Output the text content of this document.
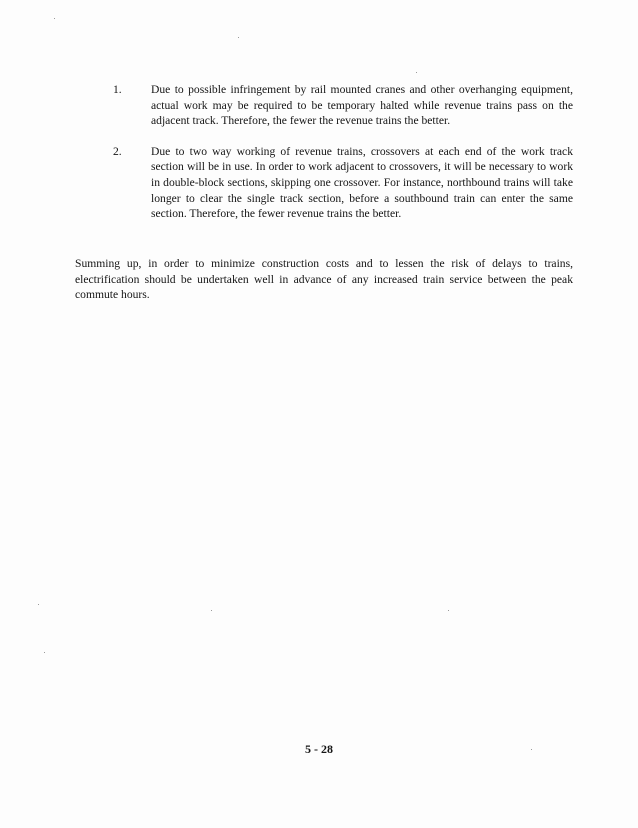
1.	Due to possible infringement by rail mounted cranes and other overhanging equipment, actual work may be required to be temporary halted while revenue trains pass on the adjacent track. Therefore, the fewer the revenue trains the better.
2.	Due to two way working of revenue trains, crossovers at each end of the work track section will be in use. In order to work adjacent to crossovers, it will be necessary to work in double-block sections, skipping one crossover. For instance, northbound trains will take longer to clear the single track section, before a southbound train can enter the same section. Therefore, the fewer revenue trains the better.

Summing up, in order to minimize construction costs and to lessen the risk of delays to trains, electrification should be undertaken well in advance of any increased train service between the peak commute hours.

5 - 28
